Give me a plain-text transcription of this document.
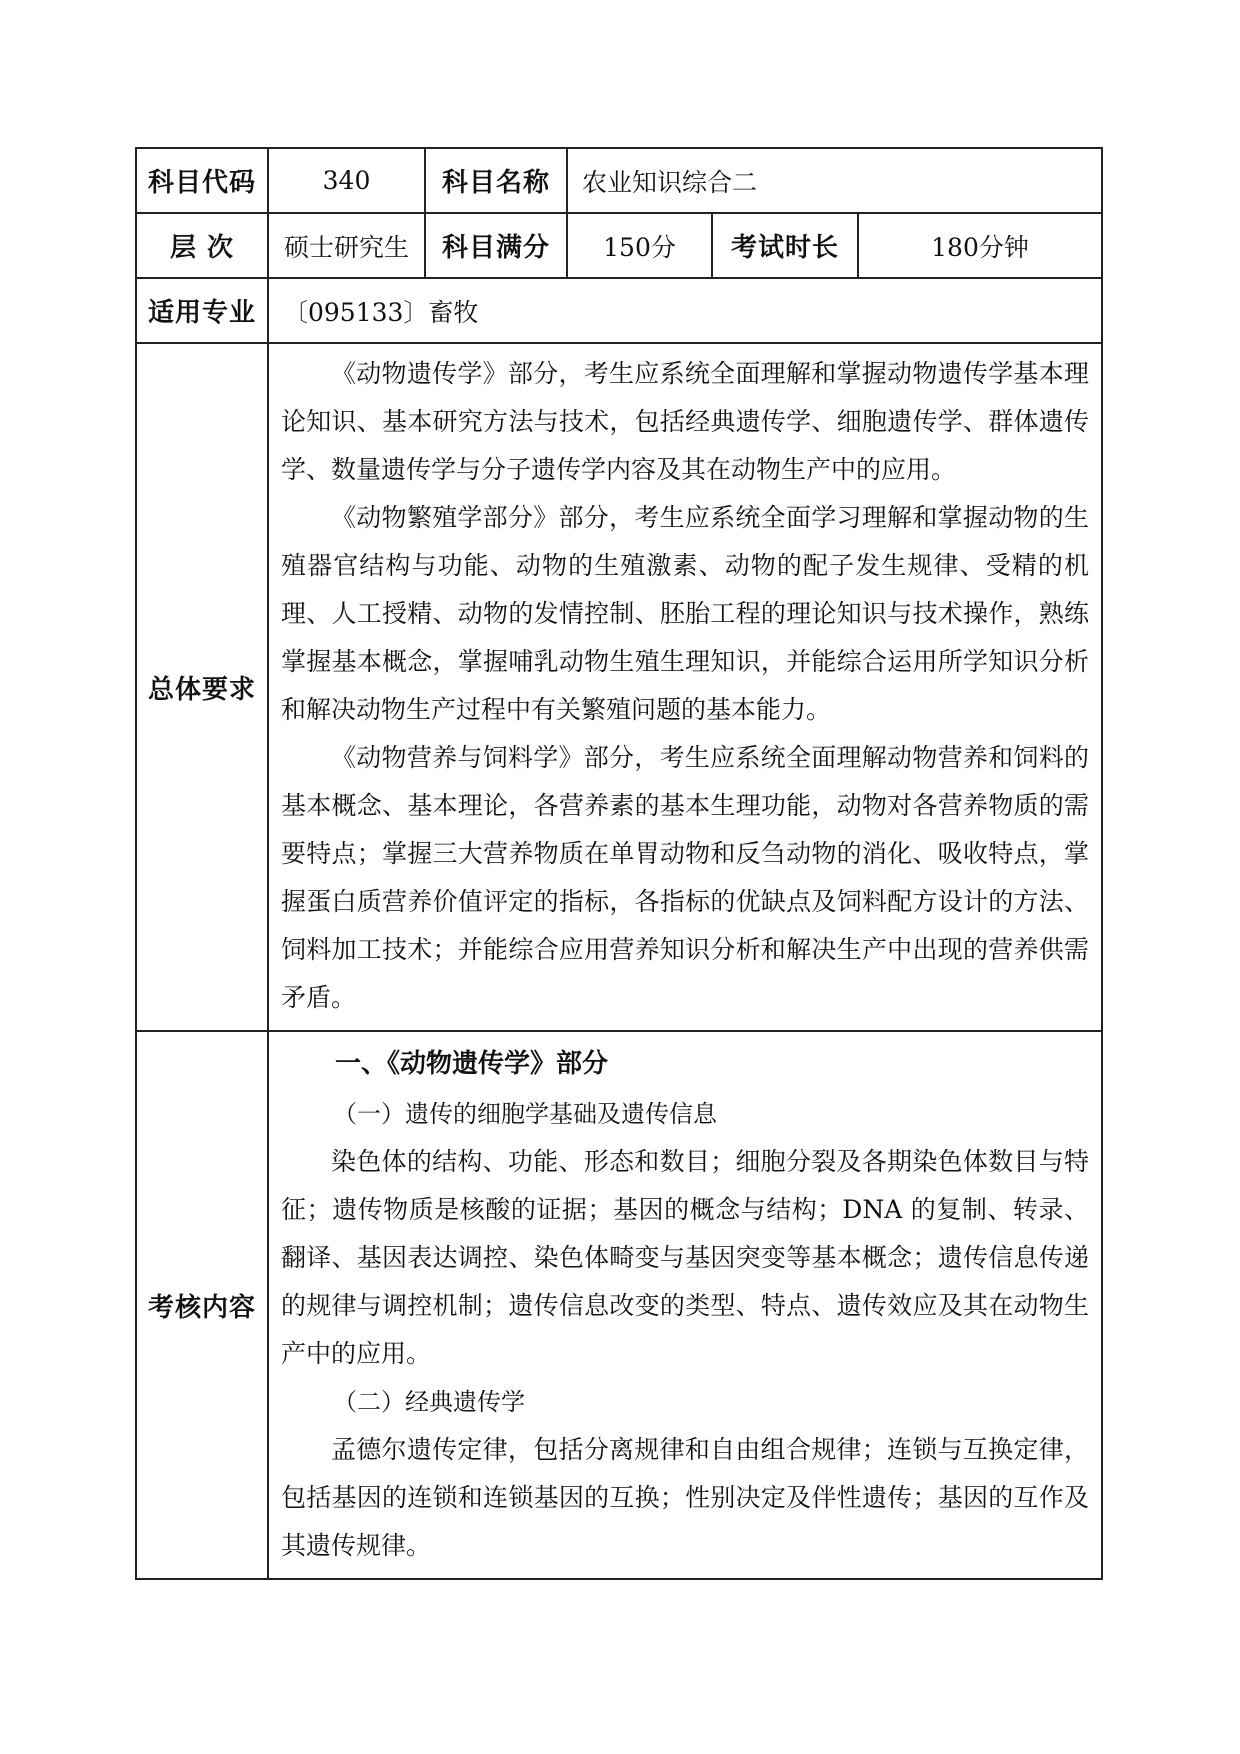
科目代码	340	科目名称	农业知识综合二		
层 次	硕士研究生	科目满分	150分	考试时长	180分钟
适用专业	〔095133〕畜牧				
总体要求	《动物遗传学》部分，考生应系统全面理解和掌握动物遗传学基本理论知识、基本研究方法与技术，包括经典遗传学、细胞遗传学、群体遗传学、数量遗传学与分子遗传学内容及其在动物生产中的应用。

《动物繁殖学部分》部分，考生应系统全面学习理解和掌握动物的生殖器官结构与功能、动物的生殖激素、动物的配子发生规律、受精的机理、人工授精、动物的发情控制、胚胎工程的理论知识与技术操作，熟练掌握基本概念，掌握哺乳动物生殖生理知识，并能综合运用所学知识分析和解决动物生产过程中有关繁殖问题的基本能力。

《动物营养与饲料学》部分，考生应系统全面理解动物营养和饲料的基本概念、基本理论，各营养素的基本生理功能，动物对各营养物质的需要特点；掌握三大营养物质在单胃动物和反刍动物的消化、吸收特点，掌握蛋白质营养价值评定的指标，各指标的优缺点及饲料配方设计的方法、饲料加工技术；并能综合应用营养知识分析和解决生产中出现的营养供需矛盾。				

考核内容	一、《动物遗传学》部分

（一）遗传的细胞学基础及遗传信息

染色体的结构、功能、形态和数目；细胞分裂及各期染色体数目与特征；遗传物质是核酸的证据；基因的概念与结构；DNA 的复制、转录、翻译、基因表达调控、染色体畸变与基因突变等基本概念；遗传信息传递的规律与调控机制；遗传信息改变的类型、特点、遗传效应及其在动物生产中的应用。

（二）经典遗传学

孟德尔遗传定律，包括分离规律和自由组合规律；连锁与互换定律，包括基因的连锁和连锁基因的互换；性别决定及伴性遗传；基因的互作及其遗传规律。				
